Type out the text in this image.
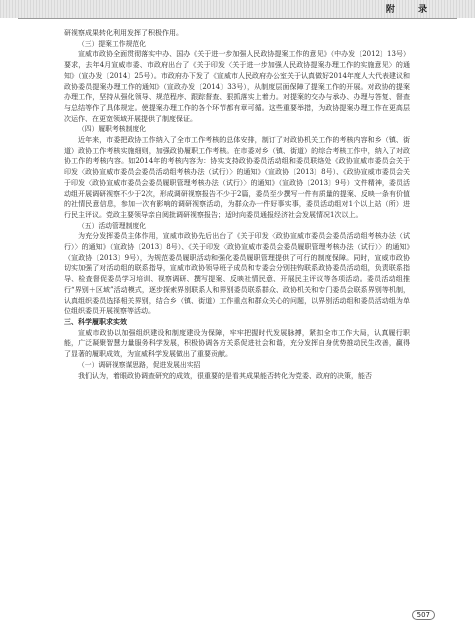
附 录

研视察成果转化利用发挥了积极作用。

（三）提案工作规范化

宣威市政协全面贯彻落实中办、国办《关于进一步加强人民政协提案工作的意见》（中办发〔2012〕13号）要求，去年4月宣威市委、市政府出台了《关于印发〈关于进一步加强人民政协提案办理工作的实施意见〉的通知》（宣办发〔2014〕25号）。市政府办下发了《宣威市人民政府办公室关于认真做好2014年度人大代表建议和政协委员提案办理工作的通知》（宣政办发〔2014〕33号），从制度层面保障了提案工作的开展。对政协的提案办理工作，坚持从强化领导、规范程序、跟踪督查、狠抓落实上着力。对提案的交办与承办、办理与答复、督查与总结等作了具体规定。使提案办理工作的各个环节都有章可循。这些重要举措，为政协提案办理工作在更高层次运作、在更宽领域开展提供了制度保证。

（四）履职考核制度化

近年来，市委把政协工作纳入了全市工作考核的总体安排，制订了对政协机关工作的考核内容和乡（镇、街道）政协工作考核实施细则，加强政协履职工作考核。在市委对乡（镇、街道）的综合考核工作中，纳入了对政协工作的考核内容。如2014年的考核内容为：协实支持政协委员活动组和委员联络处《政协宣威市委员会关于印发〈政协宣威市委员会委员活动组考核办法（试行）〉的通知》（宣政协〔2013〕8号）、《政协宣威市委员会关于印发〈政协宣威市委员会委员履职管理考核办法（试行）〉的通知》（宣政协〔2013〕9号）文件精神，委员活动组开展调研视察不少于2次，形成调研视察报告不少于2篇，委员至少撰写一件有质量的提案、反映一条有价值的社情民意信息，参加一次有影响的调研视察活动，为群众办一件好事实事，委员活动组对1个以上站（所）进行民主评议。党政主要领导亲自阅批调研视察报告；适时向委员通报经济社会发展情况1次以上。

（五）活动管理制度化

为充分发挥委员主体作用，宣威市政协先后出台了《关于印发〈政协宣威市委员会委员活动组考核办法（试行）〉的通知》（宣政协〔2013〕8号）、《关于印发〈政协宣威市委员会委员履职管理考核办法（试行）〉的通知》（宣政协〔2013〕9号），为规范委员履职活动和强化委员履职管理提供了可行的制度保障。同时，宣威市政协切实加强了对活动组的联系指导，宣威市政协领导班子成员和专委会分别挂钩联系政协委员活动组，负责联系指导、检查督促委员学习培训、视察调研、撰写提案、反映社情民意、开展民主评议等各项活动。委员活动组推行“界别＋区域”活动模式，逐步探索界别联系人和界别委员联系群众、政协机关和专门委员会联系界别等机制，认真组织委员选择相关界别，结合乡（镇、街道）工作重点和群众关心的问题，以界别活动组和委员活动组为单位组织委员开展视察等活动。

三、科学履职求实效

宣威市政协以加强组织建设和制度建设为保障，牢牢把握时代发展脉搏，紧扣全市工作大局，认真履行职能，广泛凝聚智慧力量服务科学发展，积极协调各方关系促进社会和谐，充分发挥自身优势推动民生改善，赢得了显著的履职成效，为宣威科学发展做出了重要贡献。

（一）调研视察谋思路，促进发展出实招

我们认为，着眼政协调查研究的成效，很重要的是看其成果能否转化为党委、政府的决策，能否

507
